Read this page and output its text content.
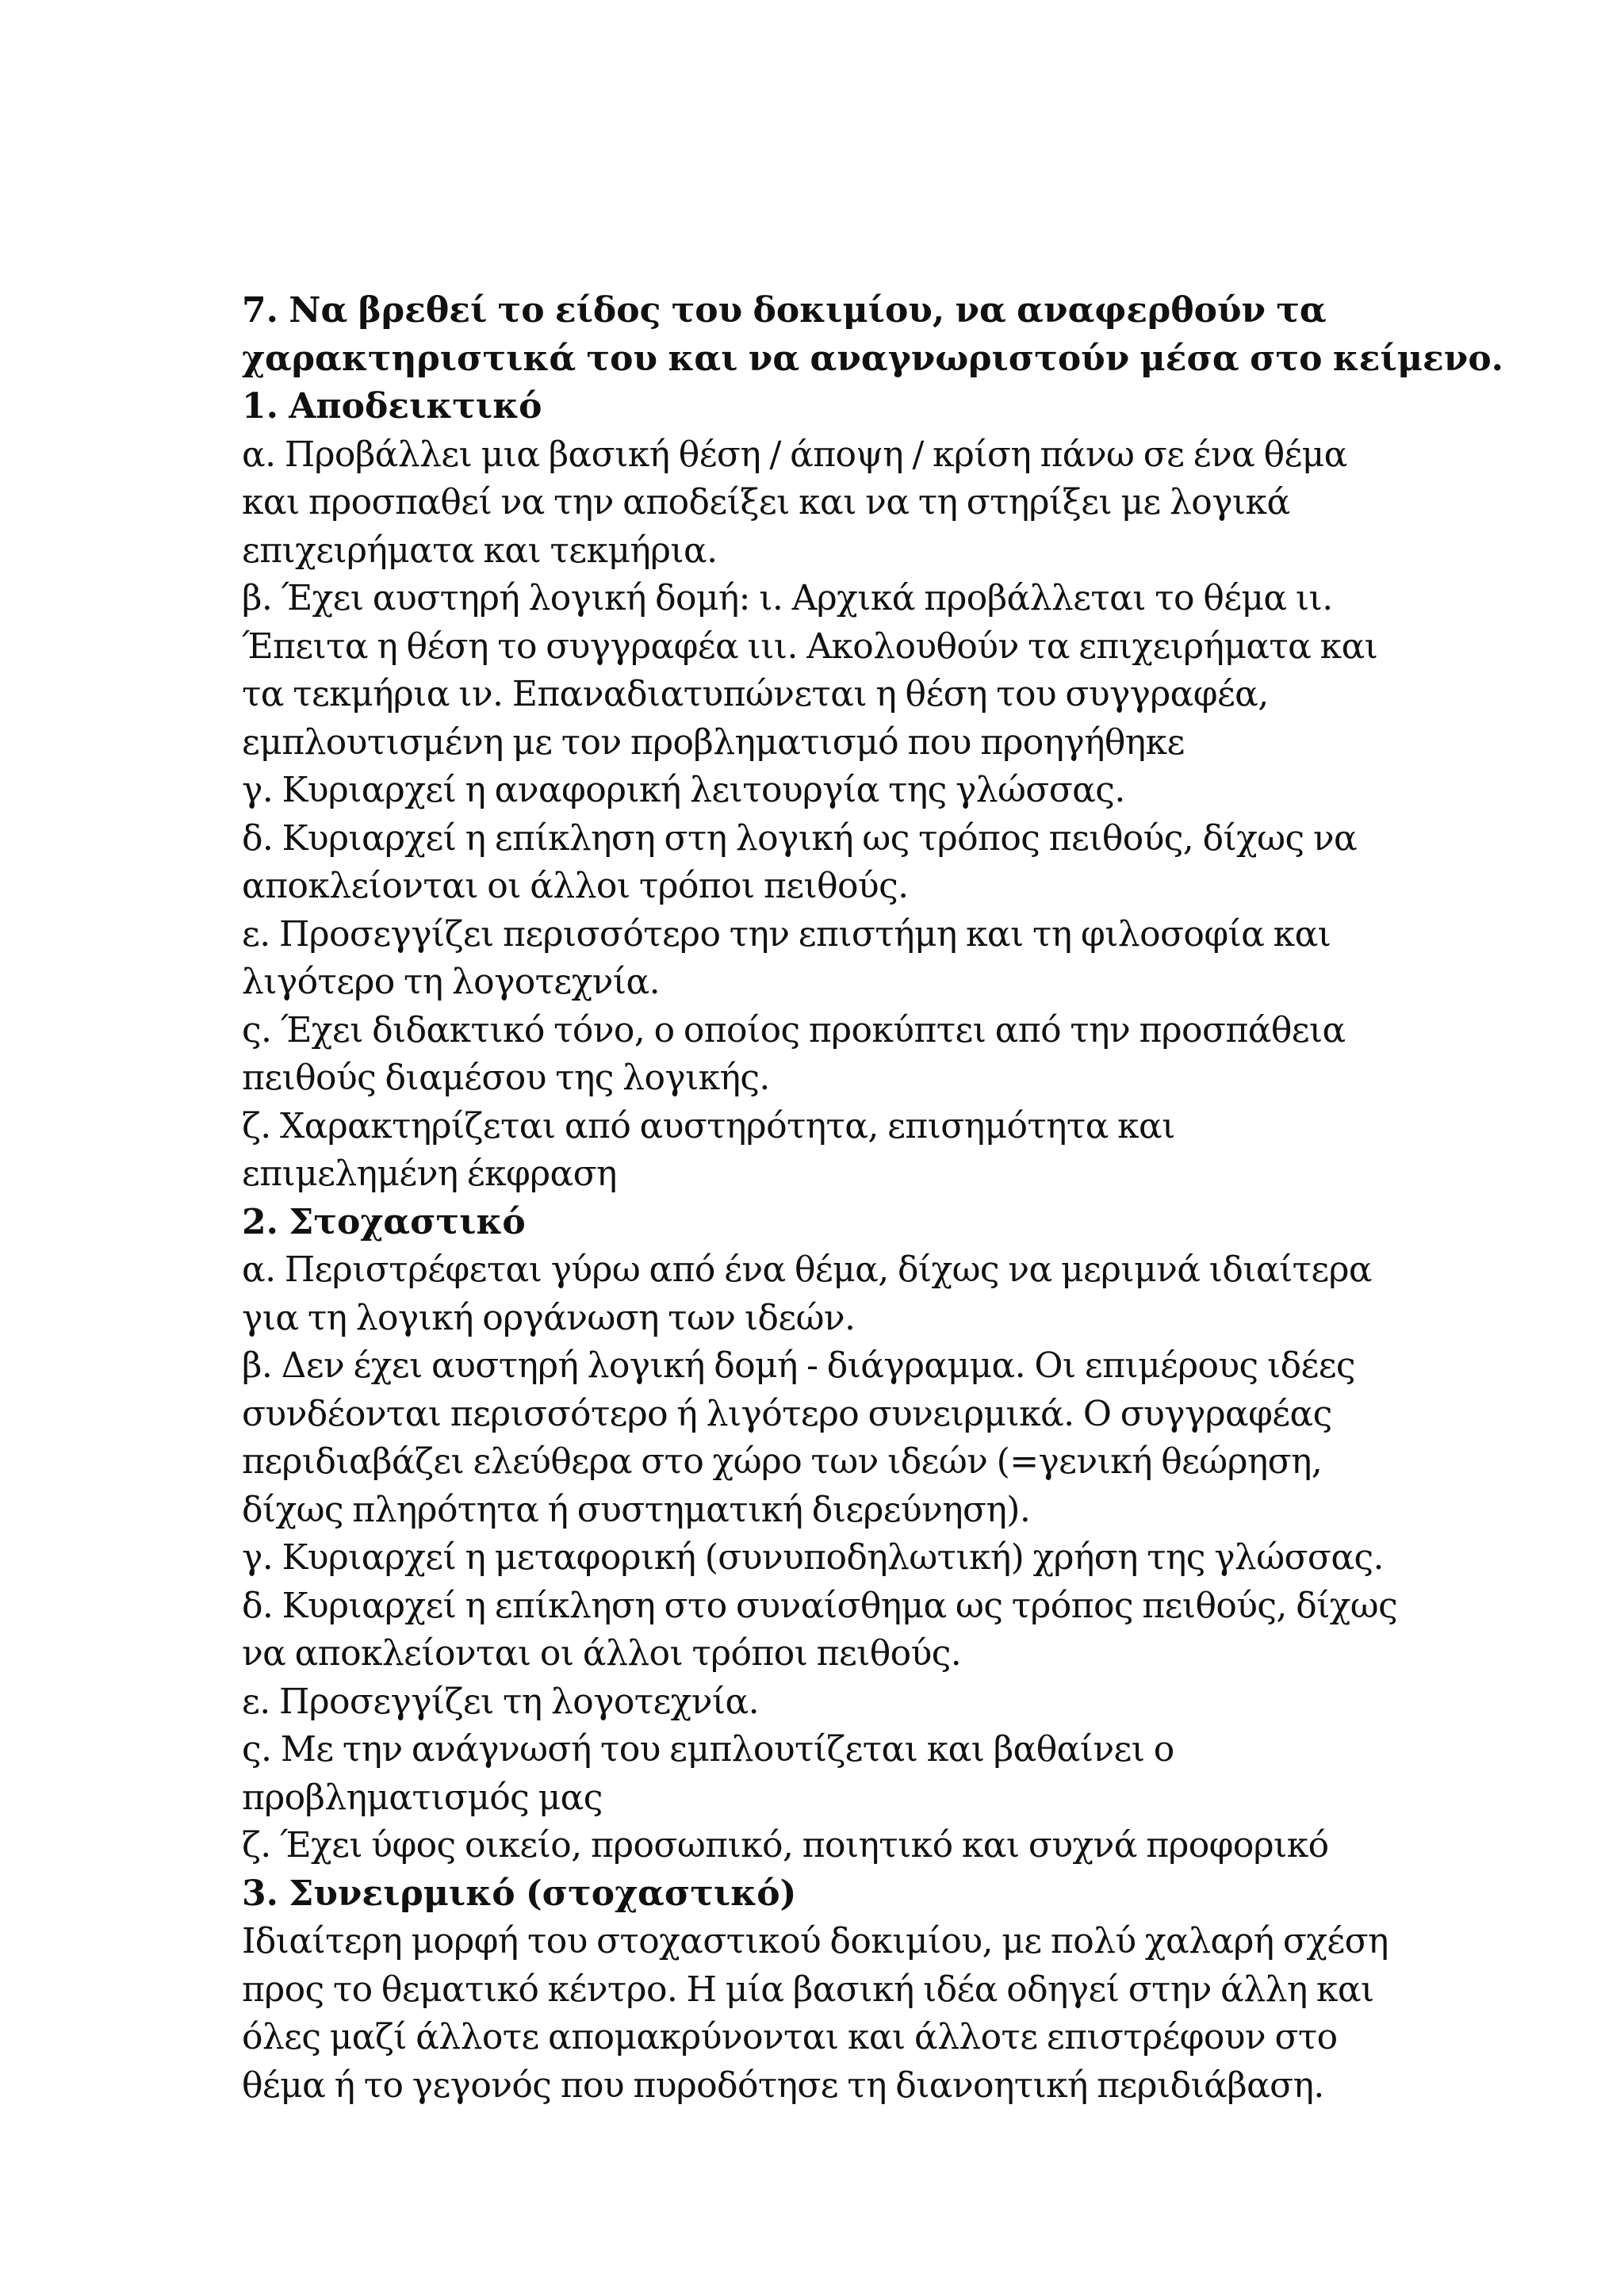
7. Να βρεθεί το είδος του δοκιμίου, να αναφερθούν τα
χαρακτηριστικά του και να αναγνωριστούν μέσα στο κείμενο.
1. Αποδεικτικό
α. Προβάλλει μια βασική θέση / άποψη / κρίση πάνω σε ένα θέμα
και προσπαθεί να την αποδείξει και να τη στηρίξει με λογικά
επιχειρήματα και τεκμήρια.
β. Έχει αυστηρή λογική δομή: ι. Αρχικά προβάλλεται το θέμα ιι.
Έπειτα η θέση το συγγραφέα ιιι. Ακολουθούν τα επιχειρήματα και
τα τεκμήρια ιν. Επαναδιατυπώνεται η θέση του συγγραφέα,
εμπλουτισμένη με τον προβληματισμό που προηγήθηκε
γ. Κυριαρχεί η αναφορική λειτουργία της γλώσσας.
δ. Κυριαρχεί η επίκληση στη λογική ως τρόπος πειθούς, δίχως να
αποκλείονται οι άλλοι τρόποι πειθούς.
ε. Προσεγγίζει περισσότερο την επιστήμη και τη φιλοσοφία και
λιγότερο τη λογοτεχνία.
ς. Έχει διδακτικό τόνο, ο οποίος προκύπτει από την προσπάθεια
πειθούς διαμέσου της λογικής.
ζ. Χαρακτηρίζεται από αυστηρότητα, επισημότητα και
επιμελημένη έκφραση
2. Στοχαστικό
α. Περιστρέφεται γύρω από ένα θέμα, δίχως να μεριμνά ιδιαίτερα
για τη λογική οργάνωση των ιδεών.
β. Δεν έχει αυστηρή λογική δομή - διάγραμμα. Οι επιμέρους ιδέες
συνδέονται περισσότερο ή λιγότερο συνειρμικά. Ο συγγραφέας
περιδιαβάζει ελεύθερα στο χώρο των ιδεών (=γενική θεώρηση,
δίχως πληρότητα ή συστηματική διερεύνηση).
γ. Κυριαρχεί η μεταφορική (συνυποδηλωτική) χρήση της γλώσσας.
δ. Κυριαρχεί η επίκληση στο συναίσθημα ως τρόπος πειθούς, δίχως
να αποκλείονται οι άλλοι τρόποι πειθούς.
ε. Προσεγγίζει τη λογοτεχνία.
ς. Με την ανάγνωσή του εμπλουτίζεται και βαθαίνει ο
προβληματισμός μας
ζ. Έχει ύφος οικείο, προσωπικό, ποιητικό και συχνά προφορικό
3. Συνειρμικό (στοχαστικό)
Ιδιαίτερη μορφή του στοχαστικού δοκιμίου, με πολύ χαλαρή σχέση
προς το θεματικό κέντρο. Η μία βασική ιδέα οδηγεί στην άλλη και
όλες μαζί άλλοτε απομακρύνονται και άλλοτε επιστρέφουν στο
θέμα ή το γεγονός που πυροδότησε τη διανοητική περιδιάβαση.
